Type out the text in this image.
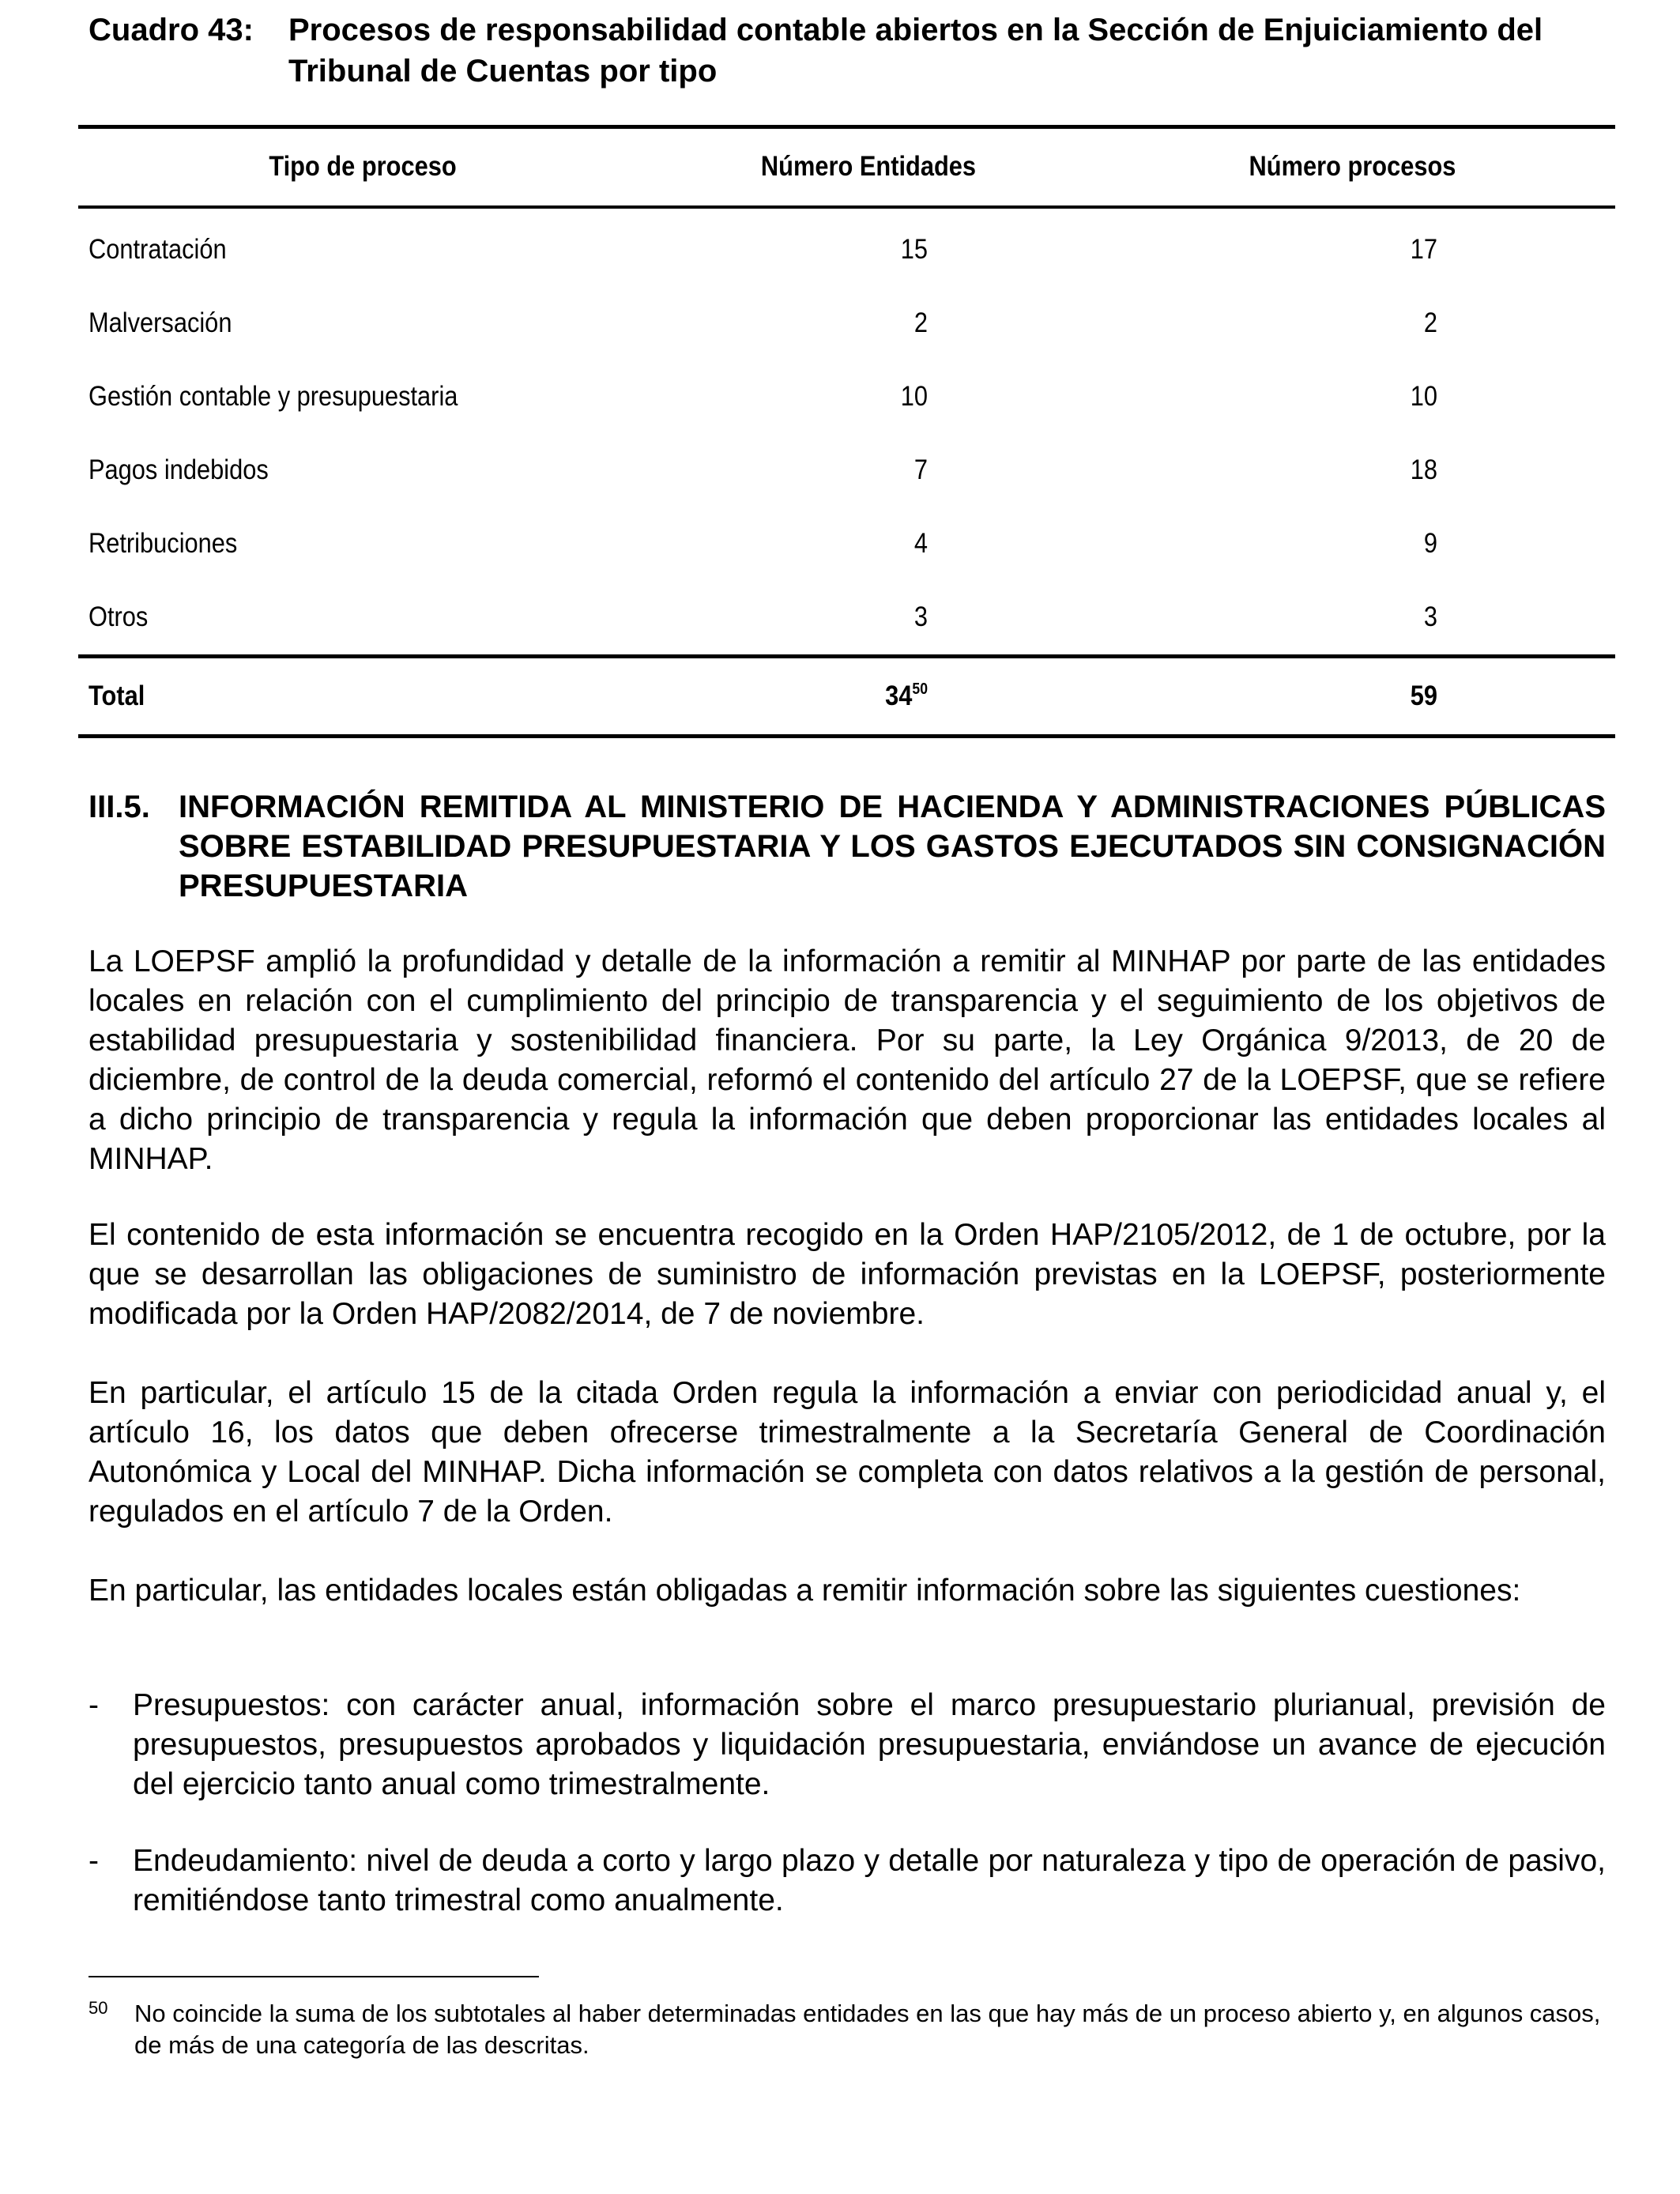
Cuadro 43:	Procesos de responsabilidad contable abiertos en la Sección de Enjuiciamiento del Tribunal de Cuentas por tipo
Tipo de proceso	Número Entidades	Número procesos
Contratación	15	17
Malversación	2	2
Gestión contable y presupuestaria	10	10
Pagos indebidos	7	18
Retribuciones	4	9
Otros	3	3
Total	$34^{50}$	59
III.5. INFORMACIÓN REMITIDA AL MINISTERIO DE HACIENDA Y ADMINISTRACIONES PÚBLICAS SOBRE ESTABILIDAD PRESUPUESTARIA Y LOS GASTOS EJECUTADOS SIN CONSIGNACIÓN PRESUPUESTARIA

La LOEPSF amplió la profundidad y detalle de la información a remitir al MINHAP por parte de las entidades locales en relación con el cumplimiento del principio de transparencia y el seguimiento de los objetivos de estabilidad presupuestaria y sostenibilidad financiera. Por su parte, la Ley Orgánica 9/2013, de 20 de diciembre, de control de la deuda comercial, reformó el contenido del artículo 27 de la LOEPSF, que se refiere a dicho principio de transparencia y regula la información que deben proporcionar las entidades locales al MINHAP.

El contenido de esta información se encuentra recogido en la Orden HAP/2105/2012, de 1 de octubre, por la que se desarrollan las obligaciones de suministro de información previstas en la LOEPSF, posteriormente modificada por la Orden HAP/2082/2014, de 7 de noviembre.

En particular, el artículo 15 de la citada Orden regula la información a enviar con periodicidad anual y, el artículo 16, los datos que deben ofrecerse trimestralmente a la Secretaría General de Coordinación Autonómica y Local del MINHAP. Dicha información se completa con datos relativos a la gestión de personal, regulados en el artículo 7 de la Orden.

En particular, las entidades locales están obligadas a remitir información sobre las siguientes cuestiones:

-	Presupuestos: con carácter anual, información sobre el marco presupuestario plurianual, previsión de presupuestos, presupuestos aprobados y liquidación presupuestaria, enviándose un avance de ejecución del ejercicio tanto anual como trimestralmente.
-	Endeudamiento: nivel de deuda a corto y largo plazo y detalle por naturaleza y tipo de operación de pasivo, remitiéndose tanto trimestral como anualmente.
50	No coincide la suma de los subtotales al haber determinadas entidades en las que hay más de un proceso abierto y, en algunos casos, de más de una categoría de las descritas.
